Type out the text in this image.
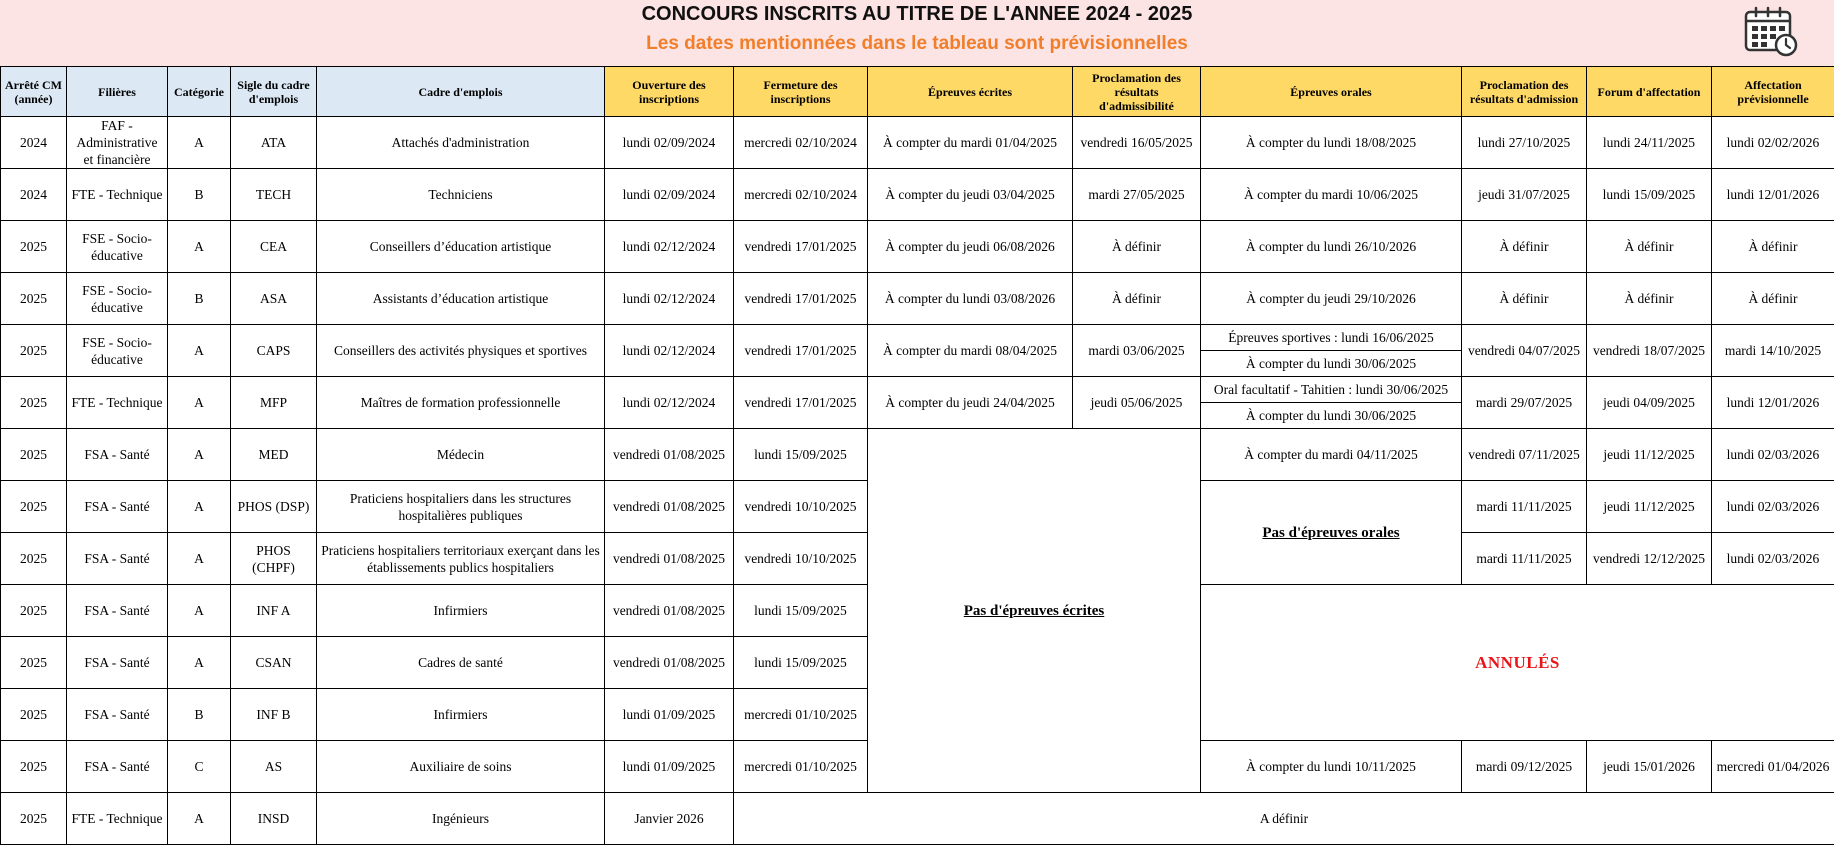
CONCOURS INSCRITS AU TITRE DE L'ANNEE 2024 - 2025
Les dates mentionnées dans le tableau sont prévisionnelles
Arrêté CM (année)	Filières	Catégorie	Sigle du cadre d'emplois	Cadre d'emplois	Ouverture des inscriptions	Fermeture des inscriptions	Épreuves écrites	Proclamation des résultats d'admissibilité	Épreuves orales	Proclamation des résultats d'admission	Forum d'affectation	Affectation prévisionnelle
2024	FAF - Administrative et financière	A	ATA	Attachés d'administration	lundi 02/09/2024	mercredi 02/10/2024	À compter du mardi 01/04/2025	vendredi 16/05/2025	À compter du lundi 18/08/2025	lundi 27/10/2025	lundi 24/11/2025	lundi 02/02/2026
2024	FTE - Technique	B	TECH	Techniciens	lundi 02/09/2024	mercredi 02/10/2024	À compter du jeudi 03/04/2025	mardi 27/05/2025	À compter du mardi 10/06/2025	jeudi 31/07/2025	lundi 15/09/2025	lundi 12/01/2026
2025	FSE - Socio-éducative	A	CEA	Conseillers d’éducation artistique	lundi 02/12/2024	vendredi 17/01/2025	À compter du jeudi 06/08/2026	À définir	À compter du lundi 26/10/2026	À définir	À définir	À définir
2025	FSE - Socio-éducative	B	ASA	Assistants d’éducation artistique	lundi 02/12/2024	vendredi 17/01/2025	À compter du lundi 03/08/2026	À définir	À compter du jeudi 29/10/2026	À définir	À définir	À définir
2025	FSE - Socio-éducative	A	CAPS	Conseillers des activités physiques et sportives	lundi 02/12/2024	vendredi 17/01/2025	À compter du mardi 08/04/2025	mardi 03/06/2025	Épreuves sportives : lundi 16/06/2025	vendredi 04/07/2025	vendredi 18/07/2025	mardi 14/10/2025
									À compter du lundi 30/06/2025			
2025	FTE - Technique	A	MFP	Maîtres de formation professionnelle	lundi 02/12/2024	vendredi 17/01/2025	À compter du jeudi 24/04/2025	jeudi 05/06/2025	Oral facultatif - Tahitien : lundi 30/06/2025	mardi 29/07/2025	jeudi 04/09/2025	lundi 12/01/2026
									À compter du lundi 30/06/2025			
2025	FSA - Santé	A	MED	Médecin	vendredi 01/08/2025	lundi 15/09/2025	Pas d'épreuves écrites		À compter du mardi 04/11/2025	vendredi 07/11/2025	jeudi 11/12/2025	lundi 02/03/2026
2025	FSA - Santé	A	PHOS (DSP)	Praticiens hospitaliers dans les structures hospitalières publiques	vendredi 01/08/2025	vendredi 10/10/2025			Pas d'épreuves orales	mardi 11/11/2025	jeudi 11/12/2025	lundi 02/03/2026
2025	FSA - Santé	A	PHOS (CHPF)	Praticiens hospitaliers territoriaux exerçant dans les établissements publics hospitaliers	vendredi 01/08/2025	vendredi 10/10/2025				mardi 11/11/2025	vendredi 12/12/2025	lundi 02/03/2026
2025	FSA - Santé	A	INF A	Infirmiers	vendredi 01/08/2025	lundi 15/09/2025			ANNULÉS			
2025	FSA - Santé	A	CSAN	Cadres de santé	vendredi 01/08/2025	lundi 15/09/2025						
2025	FSA - Santé	B	INF B	Infirmiers	lundi 01/09/2025	mercredi 01/10/2025						
2025	FSA - Santé	C	AS	Auxiliaire de soins	lundi 01/09/2025	mercredi 01/10/2025			À compter du lundi 10/11/2025	mardi 09/12/2025	jeudi 15/01/2026	mercredi 01/04/2026
2025	FTE - Technique	A	INSD	Ingénieurs	Janvier 2026	A définir						
